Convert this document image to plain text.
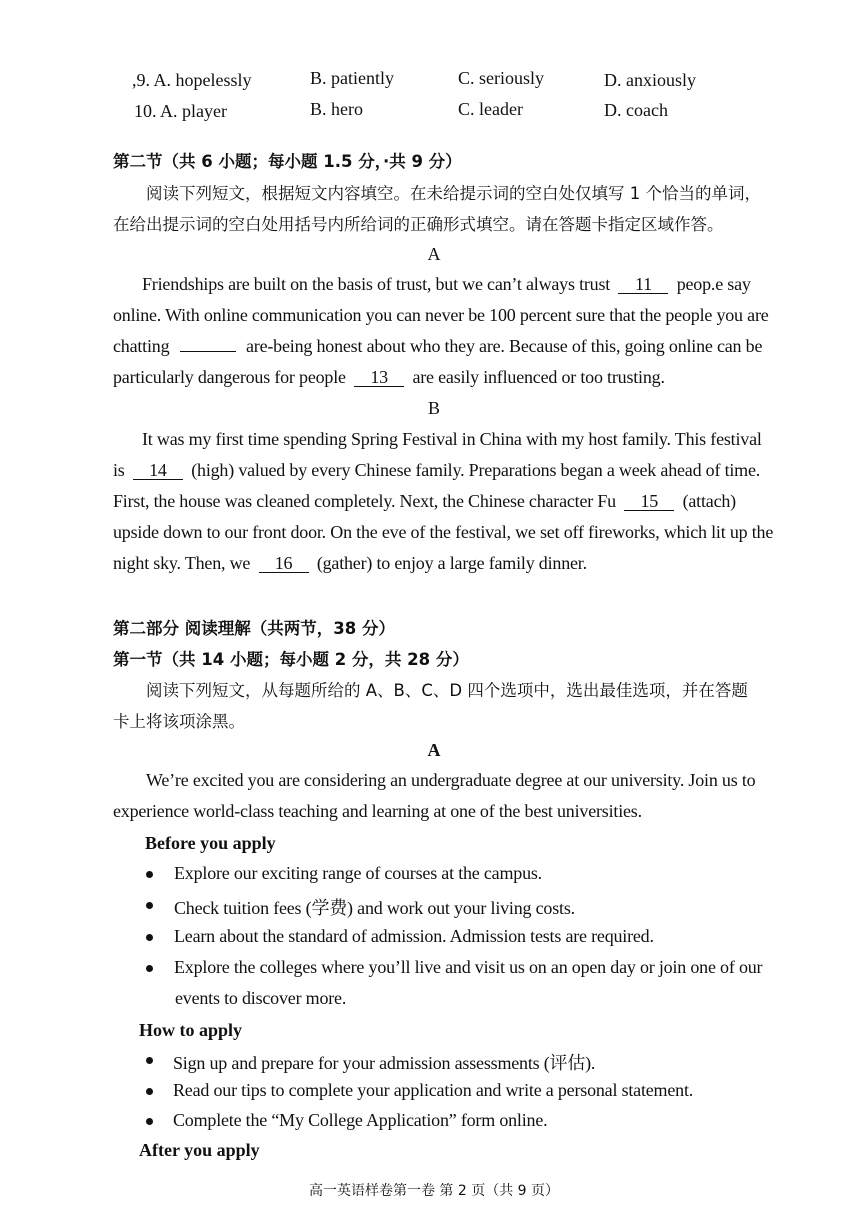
,9. A. hopelessly	B. patiently	C. seriously	D. anxiously
10. A. player	B. hero	C. leader	D. coach
第二节（共 6 小题；每小题 1.5 分，·共 9 分）
阅读下列短文，根据短文内容填空。在未给提示词的空白处仅填写 1 个恰当的单词，
在给出提示词的空白处用括号内所给词的正确形式填空。请在答题卡指定区域作答。
A
Friendships are built on the basis of trust, but we can’t always trust 11 peop.e say
online. With online communication you can never be 100 percent sure that the people you are
chatting	are-being honest about who they are. Because of this, going online can be
particularly dangerous for people 13 are easily influenced or too trusting.
B
It was my first time spending Spring Festival in China with my host family. This festival
is 14 (high) valued by every Chinese family. Preparations began a week ahead of time.
First, the house was cleaned completely. Next, the Chinese character Fu 15 (attach)
upside down to our front door. On the eve of the festival, we set off fireworks, which lit up the
night sky. Then, we 16 (gather) to enjoy a large family dinner.
第二部分 阅读理解（共两节，38 分）
第一节（共 14 小题；每小题 2 分，共 28 分）
阅读下列短文，从每题所给的 A、B、C、D 四个选项中，选出最佳选项，并在答题
卡上将该项涂黑。
A
We’re excited you are considering an undergraduate degree at our university. Join us to
experience world-class teaching and learning at one of the best universities.
Before you apply
Explore our exciting range of courses at the campus.
Check tuition fees (学费) and work out your living costs.
Learn about the standard of admission. Admission tests are required.
Explore the colleges where you’ll live and visit us on an open day or join one of our
events to discover more.
How to apply
Sign up and prepare for your admission assessments (评估).
Read our tips to complete your application and write a personal statement.
Complete the “My College Application” form online.
After you apply
高一英语样卷第一卷 第 2 页（共 9 页）
